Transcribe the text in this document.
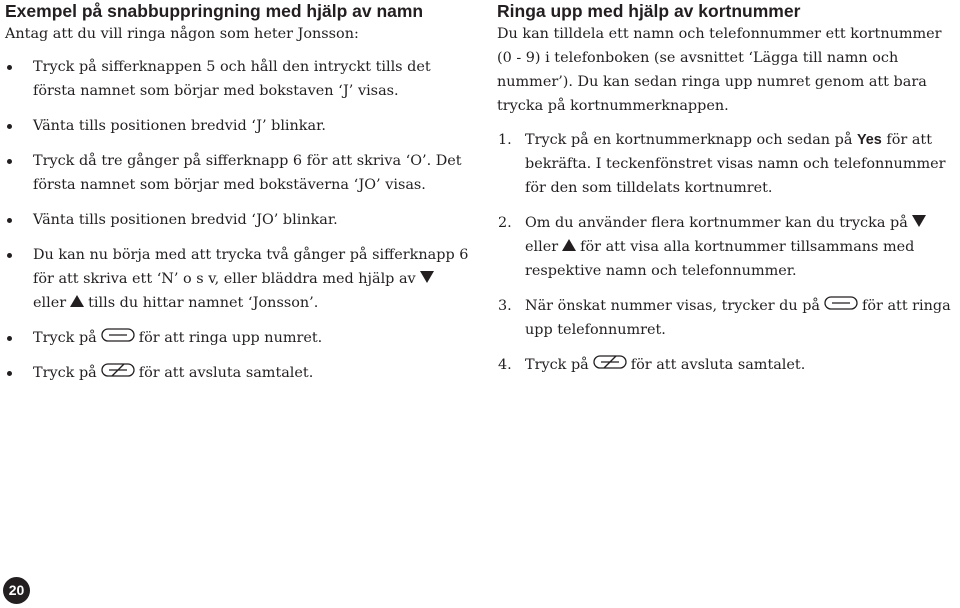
Exempel på snabbuppringning med hjälp av namn

Antag att du vill ringa någon som heter Jonsson:

Tryck på sifferknappen 5 och håll den intryckt tills det första namnet som börjar med bokstaven ‘J’ visas.
Vänta tills positionen bredvid ‘J’ blinkar.
Tryck då tre gånger på sifferknapp 6 för att skriva ‘O’. Det första namnet som börjar med bokstäverna ‘JO’ visas.
Vänta tills positionen bredvid ‘JO’ blinkar.
Du kan nu börja med att trycka två gånger på sifferknapp 6 för att skriva ett ‘N’ o s v, eller bläddra med hjälp av
eller tills du hittar namnet ‘Jonsson’.
Tryck på	för att ringa upp numret.
Tryck på	för att avsluta samtalet.
Ringa upp med hjälp av kortnummer

Du kan tilldela ett namn och telefonnummer ett kortnummer (0 - 9) i telefonboken (se avsnittet ‘Lägga till namn och nummer’). Du kan sedan ringa upp numret genom att bara trycka på kortnummerknappen.

1. Tryck på en kortnummerknapp och sedan på Yes för att bekräfta. I teckenfönstret visas namn och telefonnummer för den som tilldelats kortnumret.
2. Om du använder flera kortnummer kan du trycka på
eller för att visa alla kortnummer tillsammans med respektive namn och telefonnummer.
3. När önskat nummer visas, trycker du på	för att ringa upp telefonnumret.
4. Tryck på	för att avsluta samtalet.
20
